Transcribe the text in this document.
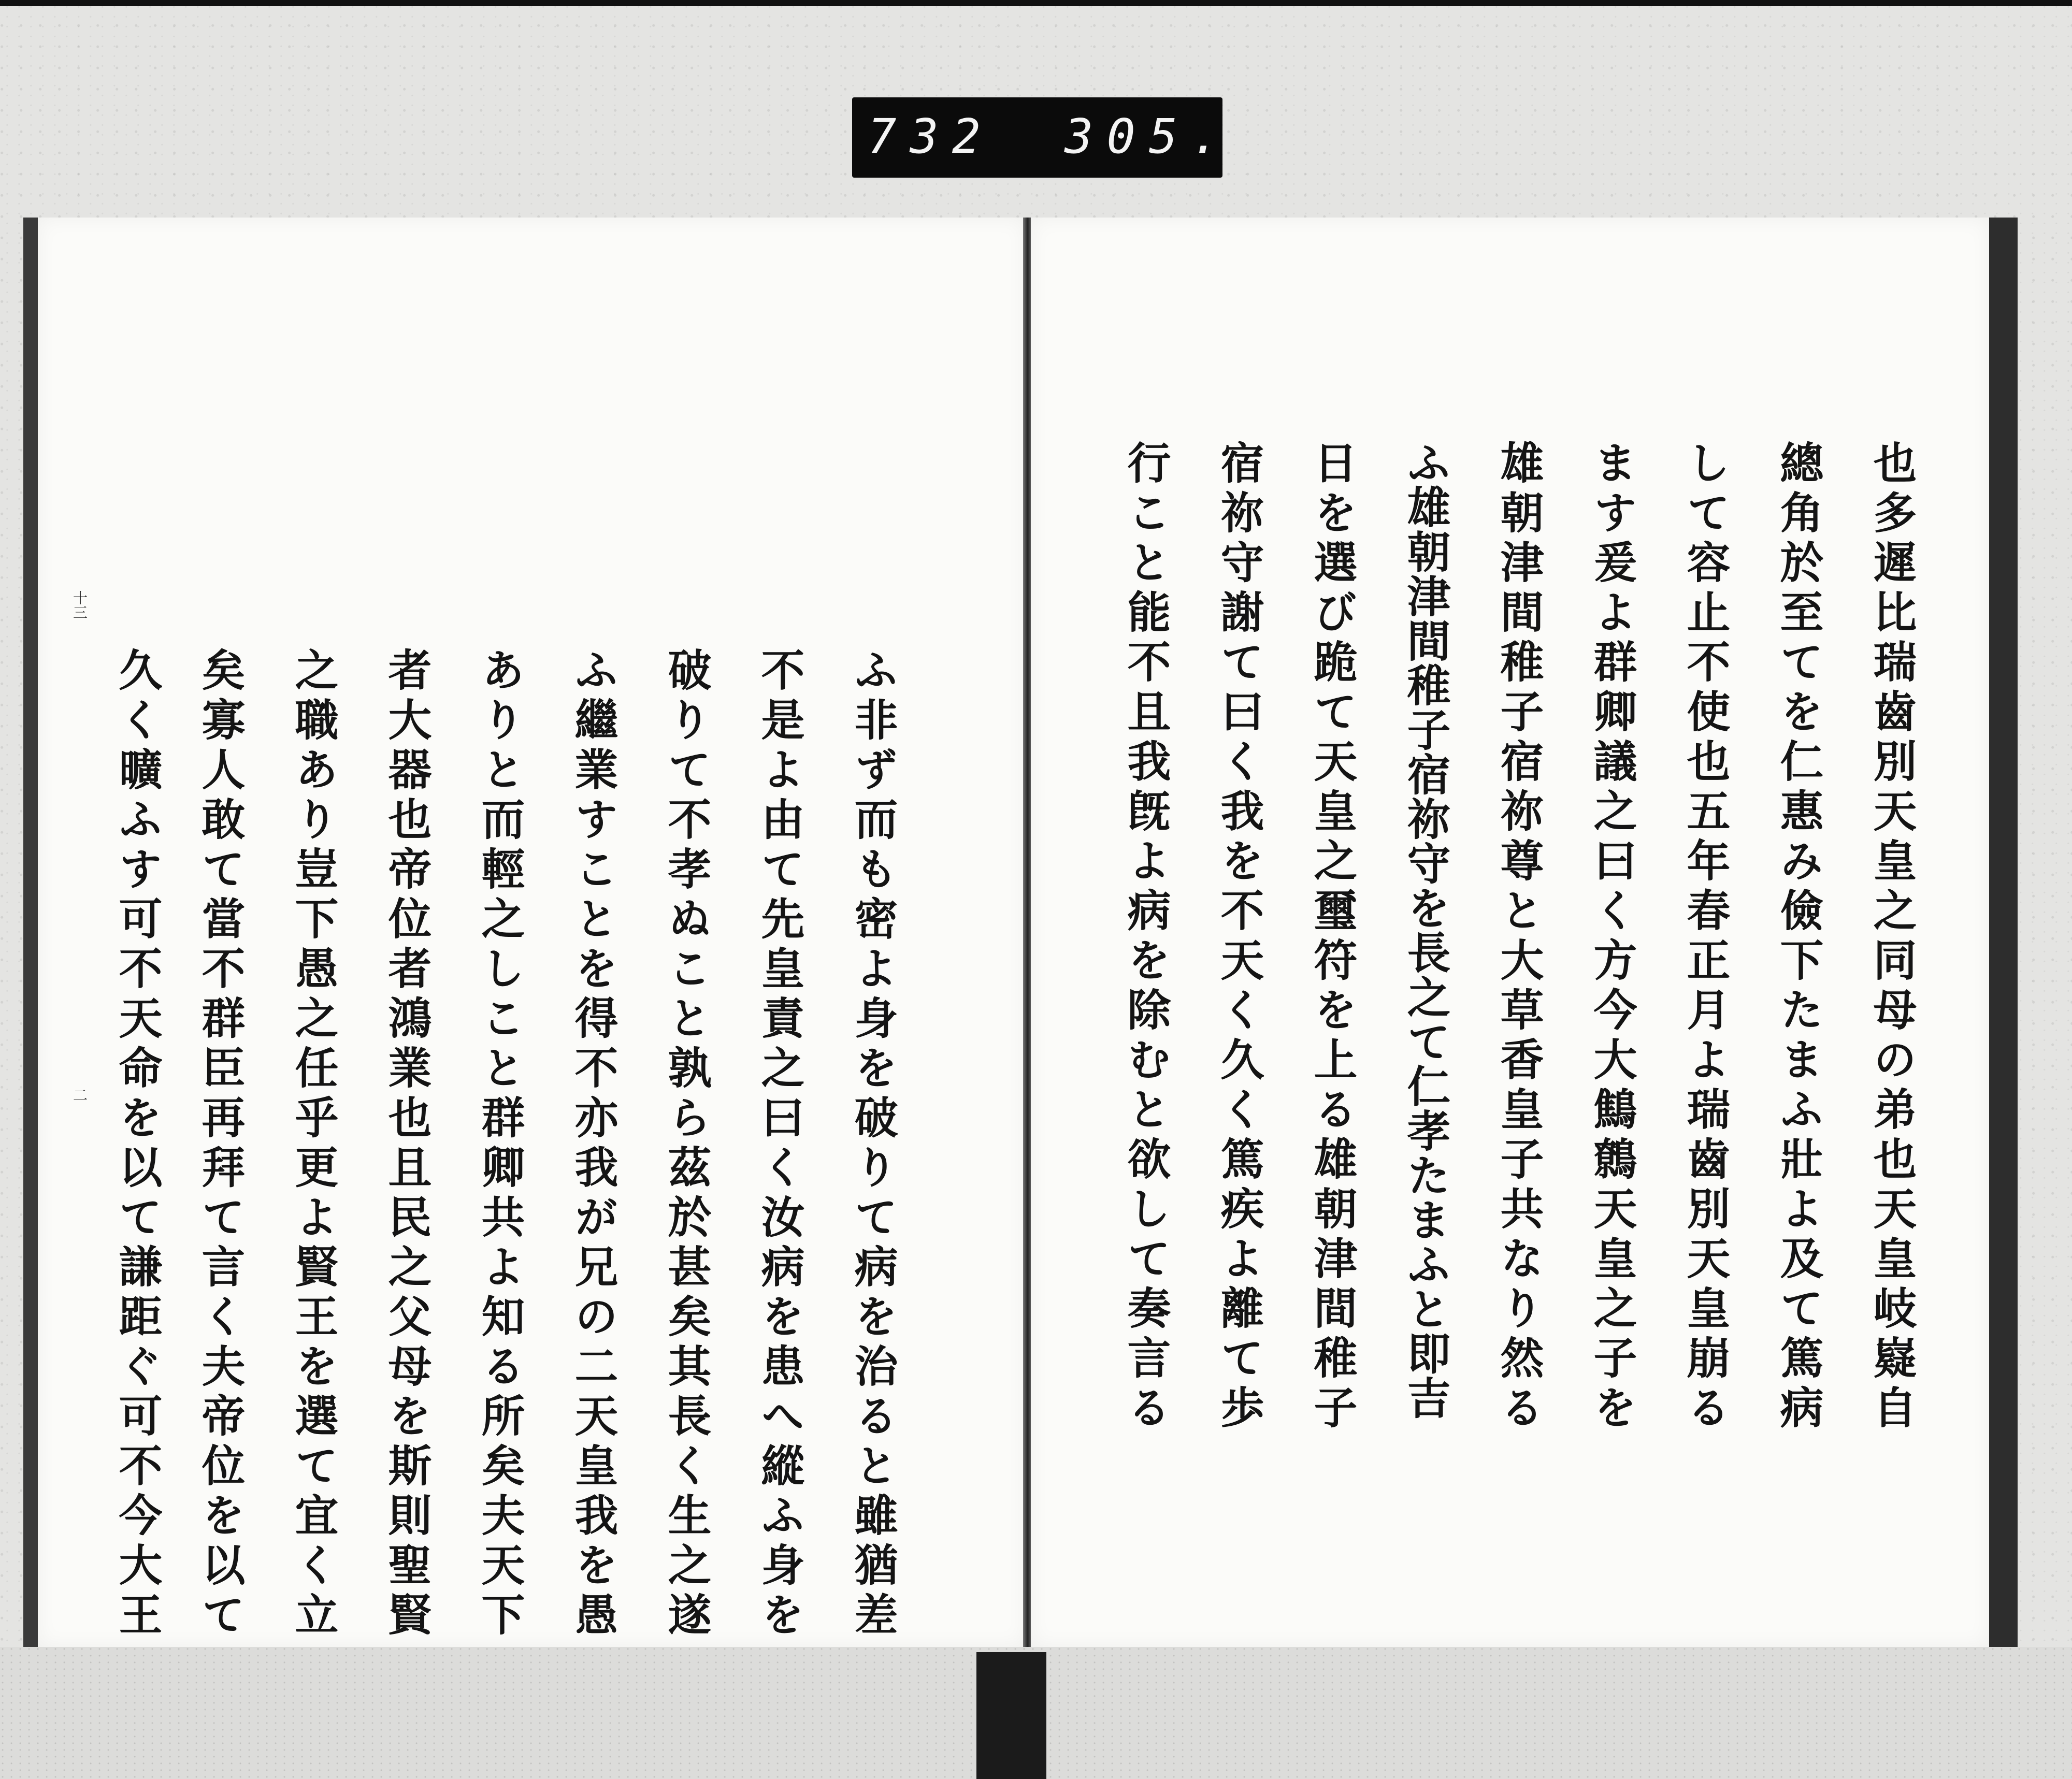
732 305.
ふ非ず而も密よ身を破りて病を治ると雖猶差
不是よ由て先皇責之曰く汝病を患へ縱ふ身を
破りて不孝ぬこと孰ら茲於甚矣其長く生之遂
ふ繼業すことを得不亦我が兄の二天皇我を愚
ありと而輕之しこと群卿共よ知る所矣夫天下
者大器也帝位者鴻業也且民之父母を斯則聖賢
之職あり豈下愚之任乎更よ賢王を選て宜く立
矣寡人敢て當不群臣再拜て言く夫帝位を以て
久く曠ふす可不天命を以て謙距ぐ可不今大王
十三
二	也多遲比瑞齒別天皇之同母の弟也天皇岐嶷自
總角於至てを仁惠み儉下たまふ壯よ及て篤病
して容止不使也五年春正月よ瑞齒別天皇崩る
ます爰よ群卿議之曰く方今大鷦鷯天皇之子を
雄朝津間稚子宿祢尊と大草香皇子共なり然る
ふ雄朝津間稚子宿祢守を長之て仁孝たまふと即吉
日を選び跪て天皇之璽符を上る雄朝津間稚子
宿祢守謝て曰く我を不天く久く篤疾よ離て歩
行こと能不且我旣よ病を除むと欲して奏言る
